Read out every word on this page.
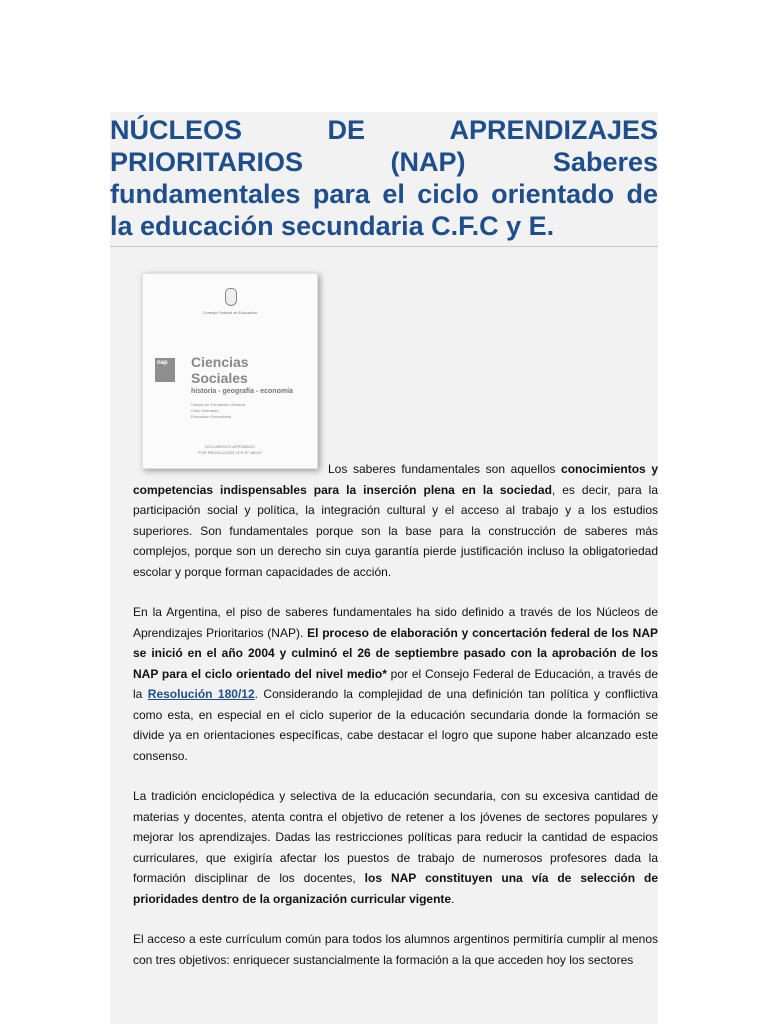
NÚCLEOS DE APRENDIZAJES PRIORITARIOS (NAP) Saberes fundamentales para el ciclo orientado de la educación secundaria C.F.C y E.
Consejo Federal de Educación
nap	Ciencias
Sociales
historia - geografía - economía
Campo de Formación General
Ciclo Orientado
Educación Secundaria
DOCUMENTO APROBADO
POR RESOLUCIÓN CFE Nº 180/12

Los saberes fundamentales son aquellos conocimientos y competencias indispensables para la inserción plena en la sociedad, es decir, para la participación social y política, la integración cultural y el acceso al trabajo y a los estudios superiores. Son fundamentales porque son la base para la construcción de saberes más complejos, porque son un derecho sin cuya garantía pierde justificación incluso la obligatoriedad escolar y porque forman capacidades de acción.

En la Argentina, el piso de saberes fundamentales ha sido definido a través de los Núcleos de Aprendizajes Prioritarios (NAP). El proceso de elaboración y concertación federal de los NAP se inició en el año 2004 y culminó el 26 de septiembre pasado con la aprobación de los NAP para el ciclo orientado del nivel medio* por el Consejo Federal de Educación, a través de la Resolución 180/12. Considerando la complejidad de una definición tan política y conflictiva como esta, en especial en el ciclo superior de la educación secundaria donde la formación se divide ya en orientaciones específicas, cabe destacar el logro que supone haber alcanzado este consenso.

La tradición enciclopédica y selectiva de la educación secundaria, con su excesiva cantidad de materias y docentes, atenta contra el objetivo de retener a los jóvenes de sectores populares y mejorar los aprendizajes. Dadas las restricciones políticas para reducir la cantidad de espacios curriculares, que exigiría afectar los puestos de trabajo de numerosos profesores dada la formación disciplinar de los docentes, los NAP constituyen una vía de selección de prioridades dentro de la organización curricular vigente.

El acceso a este currículum común para todos los alumnos argentinos permitiría cumplir al menos con tres objetivos: enriquecer sustancialmente la formación a la que acceden hoy los sectores
